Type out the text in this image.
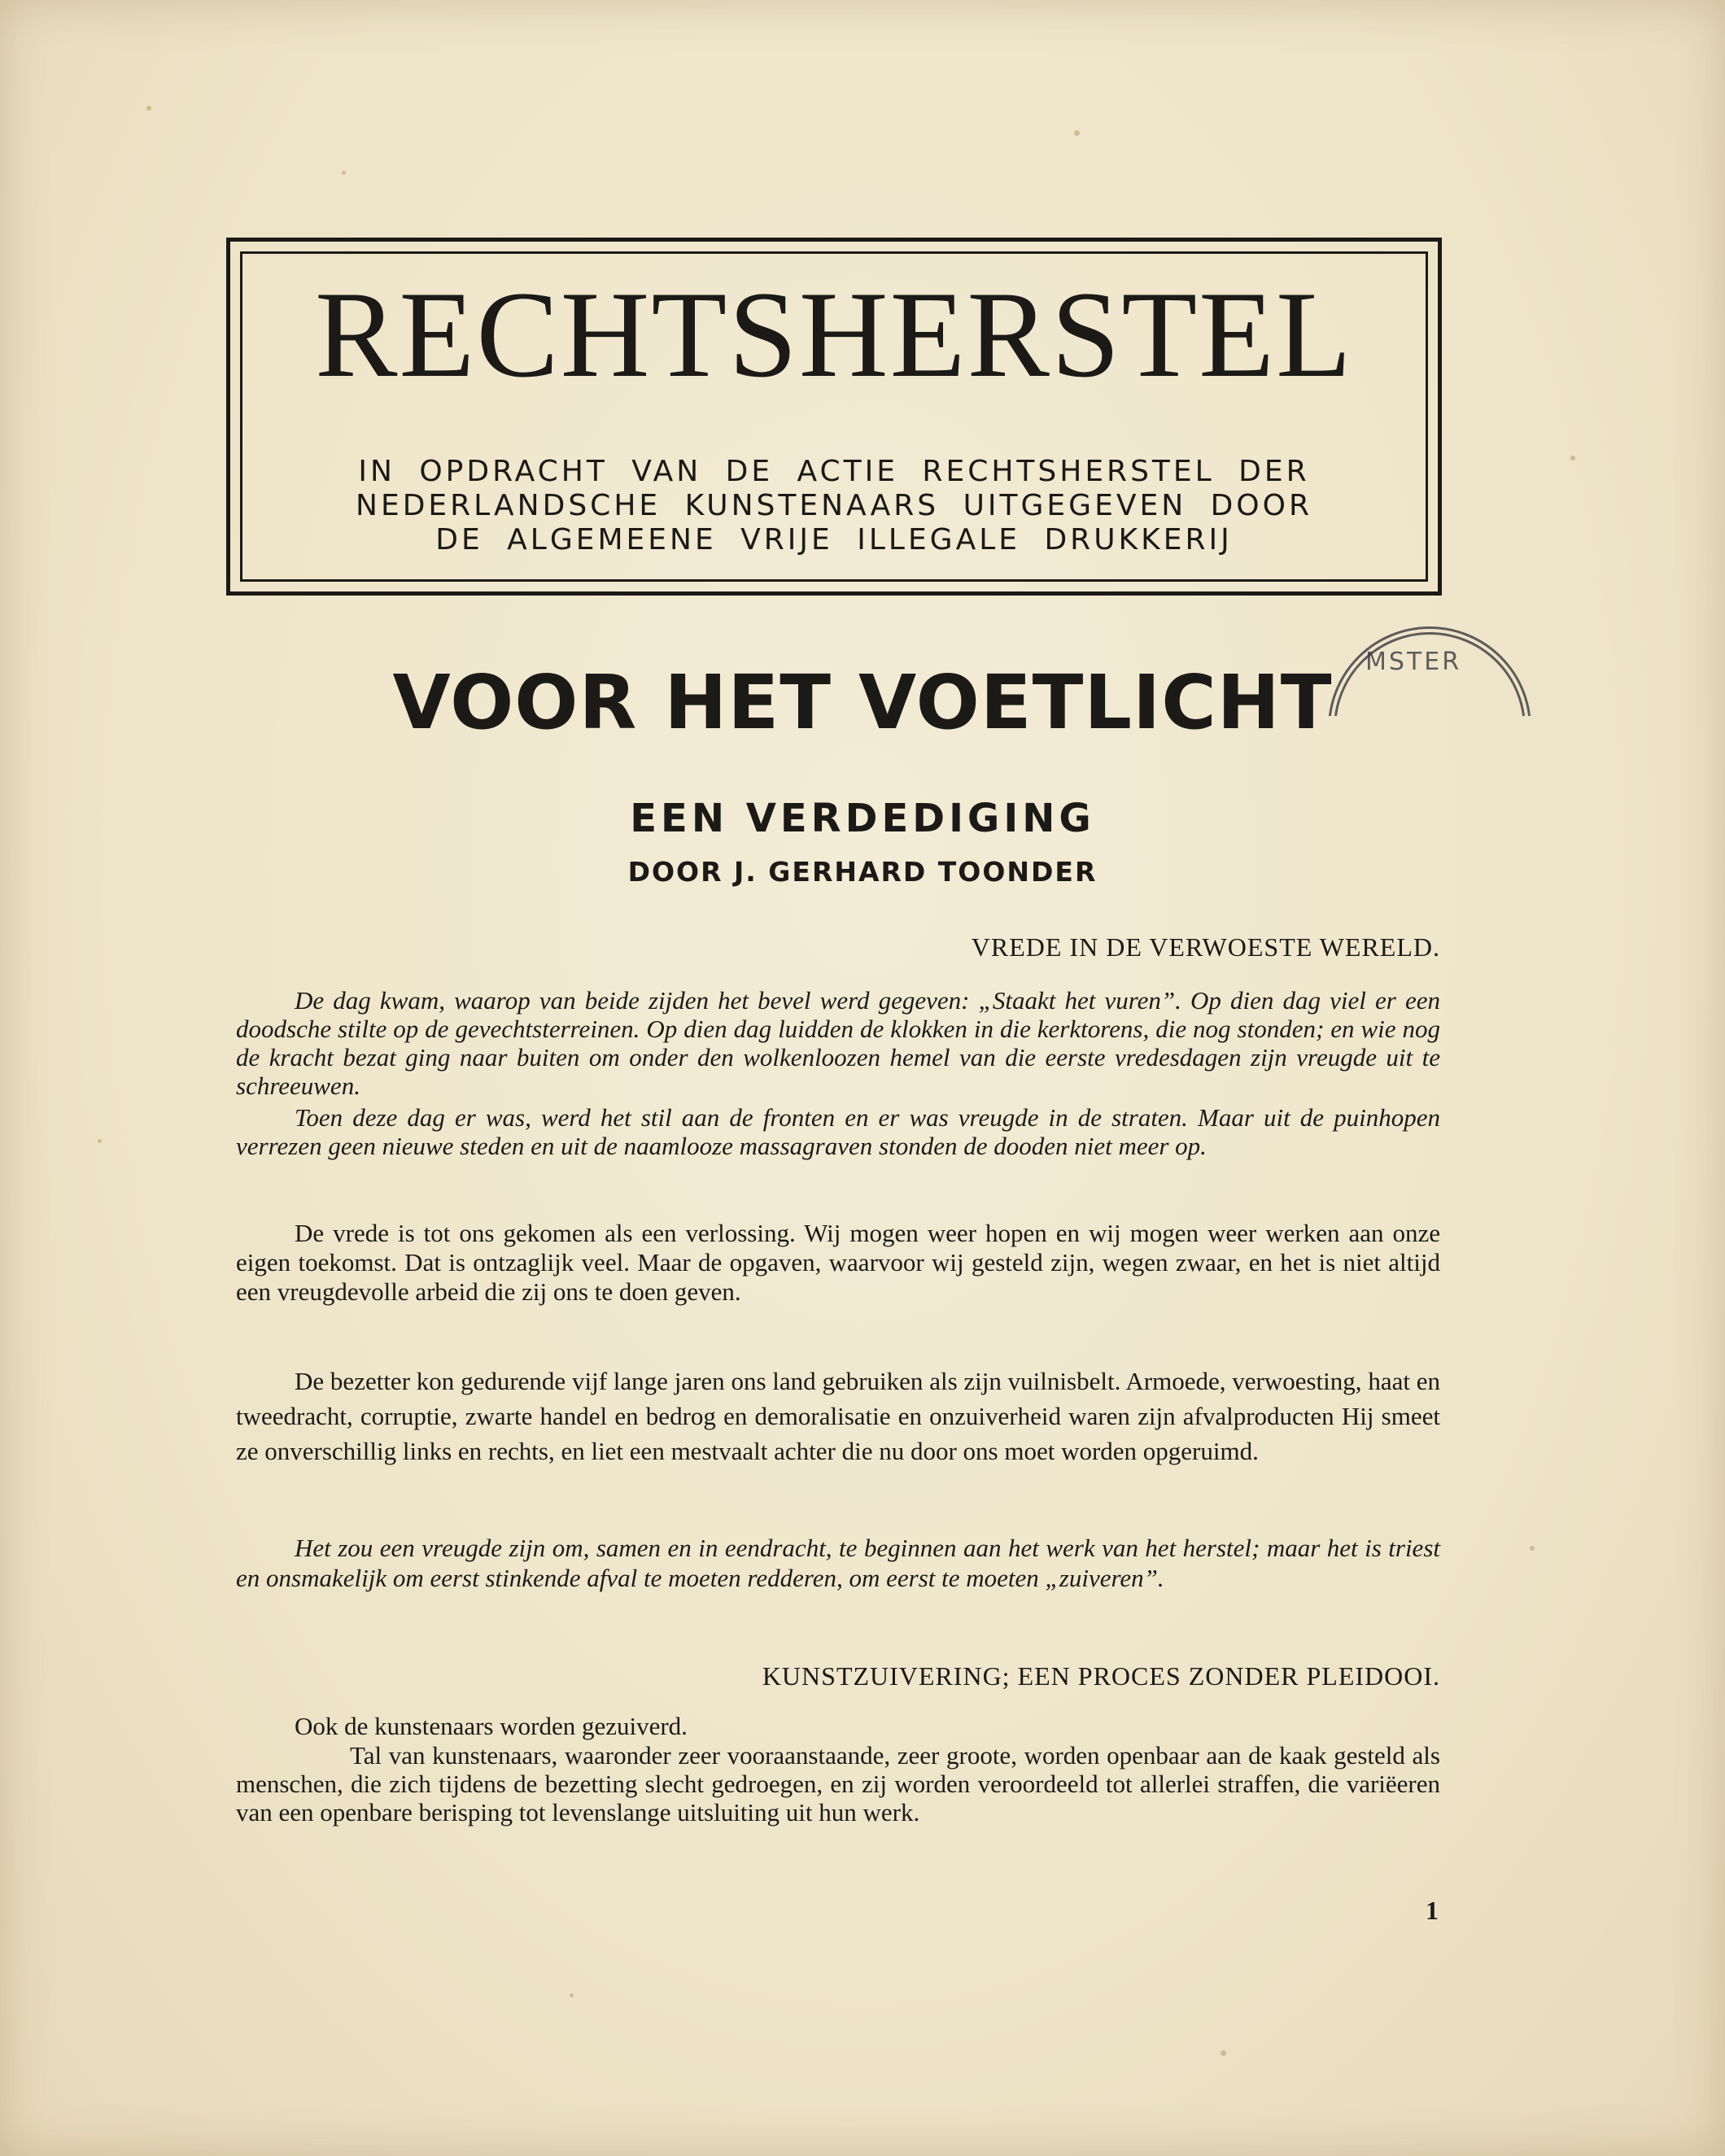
RECHTSHERSTEL
IN OPDRACHT VAN DE ACTIE RECHTSHERSTEL DER
NEDERLANDSCHE KUNSTENAARS UITGEGEVEN DOOR
DE ALGEMEENE VRIJE ILLEGALE DRUKKERIJ
MSTER
VOOR HET VOETLICHT
EEN VERDEDIGING
DOOR J. GERHARD TOONDER
VREDE IN DE VERWOESTE WERELD.
De dag kwam, waarop van beide zijden het bevel werd gegeven: „Staakt het vuren”. Op dien dag viel er een doodsche stilte op de gevechtsterreinen. Op dien dag luidden de klokken in die kerktorens, die nog stonden; en wie nog de kracht bezat ging naar buiten om onder den wolkenloozen hemel van die eerste vredesdagen zijn vreugde uit te schreeuwen.
Toen deze dag er was, werd het stil aan de fronten en er was vreugde in de straten. Maar uit de puinhopen verrezen geen nieuwe steden en uit de naamlooze massagraven stonden de dooden niet meer op.
De vrede is tot ons gekomen als een verlossing. Wij mogen weer hopen en wij mogen weer werken aan onze eigen toekomst. Dat is ontzaglijk veel. Maar de opgaven, waarvoor wij gesteld zijn, wegen zwaar, en het is niet altijd een vreugdevolle arbeid die zij ons te doen geven.
De bezetter kon gedurende vijf lange jaren ons land gebruiken als zijn vuilnisbelt. Armoede, verwoesting, haat en tweedracht, corruptie, zwarte handel en bedrog en demoralisatie en onzuiverheid waren zijn afvalproducten Hij smeet ze onverschillig links en rechts, en liet een mestvaalt achter die nu door ons moet worden opgeruimd.
Het zou een vreugde zijn om, samen en in eendracht, te beginnen aan het werk van het herstel; maar het is triest en onsmakelijk om eerst stinkende afval te moeten redderen, om eerst te moeten „zuiveren”.
KUNSTZUIVERING; EEN PROCES ZONDER PLEIDOOI.
Ook de kunstenaars worden gezuiverd.
Tal van kunstenaars, waaronder zeer vooraanstaande, zeer groote, worden openbaar aan de kaak gesteld als menschen, die zich tijdens de bezetting slecht gedroegen, en zij worden veroordeeld tot allerlei straffen, die variëeren van een openbare berisping tot levenslange uitsluiting uit hun werk.
1
